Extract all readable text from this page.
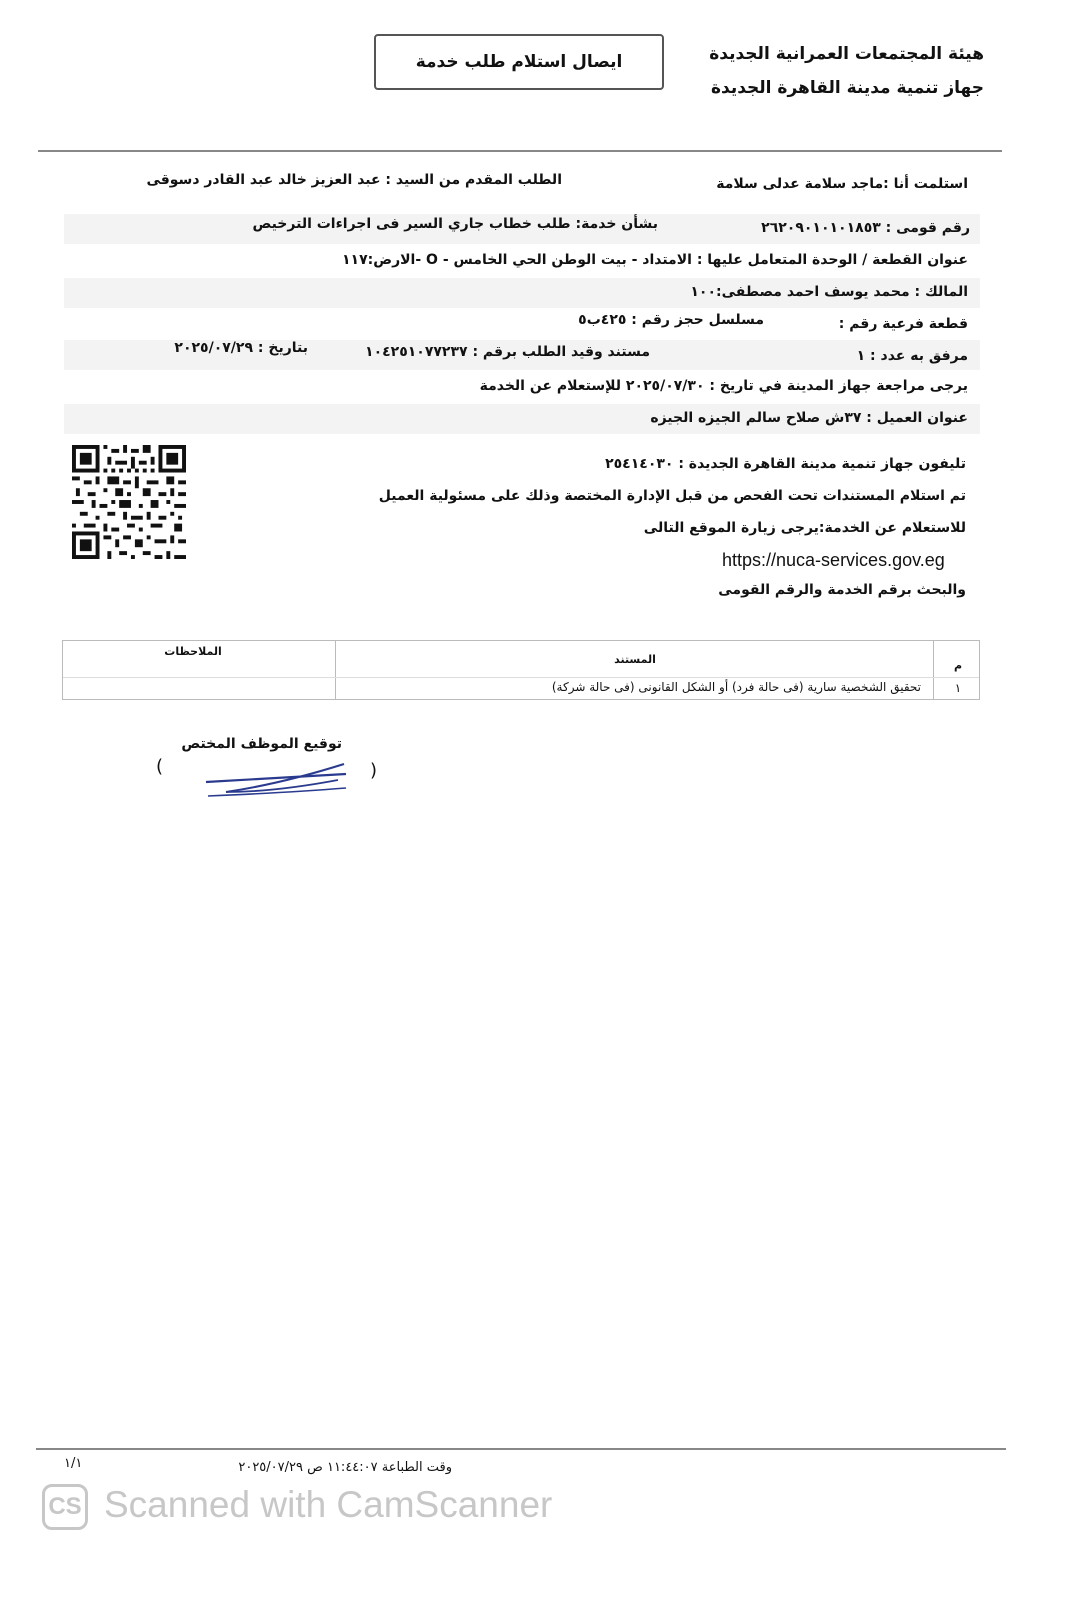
هيئة المجتمعات العمرانية الجديدة
جهاز تنمية مدينة القاهرة الجديدة
ايصال استلام طلب خدمة
استلمت أنا :ماجد سلامة عدلى سلامة
الطلب المقدم من السيد : عبد العزيز خالد عبد القادر دسوقى
رقم قومى : ٢٦٢٠٩٠١٠١٠١٨٥٣
بشأن خدمة: طلب خطاب جاري السير فى اجراءات الترخيص
عنوان القطعة / الوحدة المتعامل عليها : الامتداد - بيت الوطن الحي الخامس - O -الارض:١١٧
المالك : محمد يوسف احمد مصطفى:١٠٠
قطعة فرعية رقم :
مسلسل حجز رقم : ٤٢٥ب٥
مرفق به عدد : ١
مستند وقيد الطلب برقم : ١٠٤٢٥١٠٧٧٢٣٧
بتاريخ : ٢٠٢٥/٠٧/٢٩
يرجى مراجعة جهاز المدينة في تاريخ : ٢٠٢٥/٠٧/٣٠ للإستعلام عن الخدمة
عنوان العميل : ٣٧ش صلاح سالم الجيزه الجيزه
تليفون جهاز تنمية مدينة القاهرة الجديدة : ٢٥٤١٤٠٣٠
تم استلام المستندات تحت الفحص من قبل الإدارة المختصة وذلك على مسئولية العميل
للاستعلام عن الخدمة:يرجى زيارة الموقع التالى
https://nuca-services.gov.eg
والبحث برقم الخدمة والرقم القومى
م
المستند
الملاحظات
١
تحقيق الشخصية سارية (فى حالة فرد) أو الشكل القانونى (فى حالة شركة)
توقيع الموظف المختص
(	)
١/١	وقت الطباعة ١١:٤٤:٠٧ ص ٢٠٢٥/٠٧/٢٩
CS Scanned with CamScanner
